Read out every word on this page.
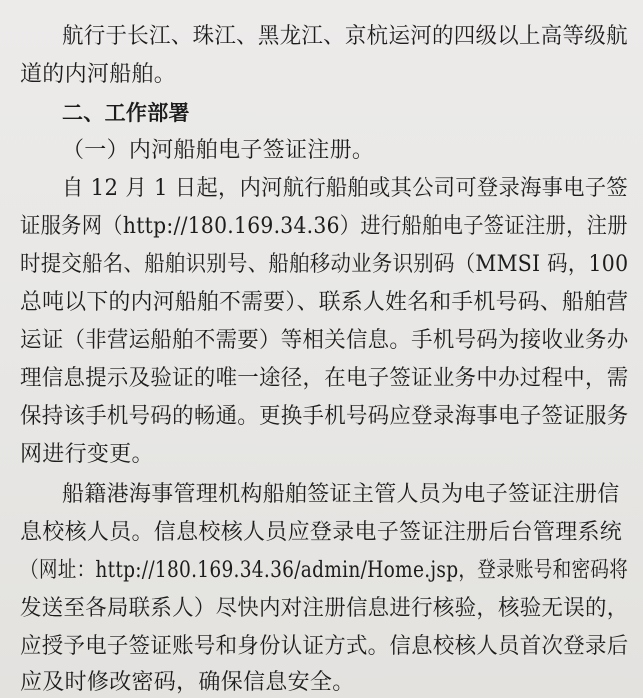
航行于长江、珠江、黑龙江、京杭运河的四级以上高等级航
道的内河船舶。
二、工作部署
（一）内河船舶电子签证注册。
自 12 月 1 日起，内河航行船舶或其公司可登录海事电子签
证服务网（http://180.169.34.36）进行船舶电子签证注册，注册
时提交船名、船舶识别号、船舶移动业务识别码（MMSI 码，100
总吨以下的内河船舶不需要）、联系人姓名和手机号码、船舶营
运证（非营运船舶不需要）等相关信息。手机号码为接收业务办
理信息提示及验证的唯一途径，在电子签证业务中办过程中，需
保持该手机号码的畅通。更换手机号码应登录海事电子签证服务
网进行变更。
船籍港海事管理机构船舶签证主管人员为电子签证注册信
息校核人员。信息校核人员应登录电子签证注册后台管理系统
（网址：http://180.169.34.36/admin/Home.jsp，登录账号和密码将
发送至各局联系人）尽快内对注册信息进行核验，核验无误的，
应授予电子签证账号和身份认证方式。信息校核人员首次登录后
应及时修改密码，确保信息安全。
